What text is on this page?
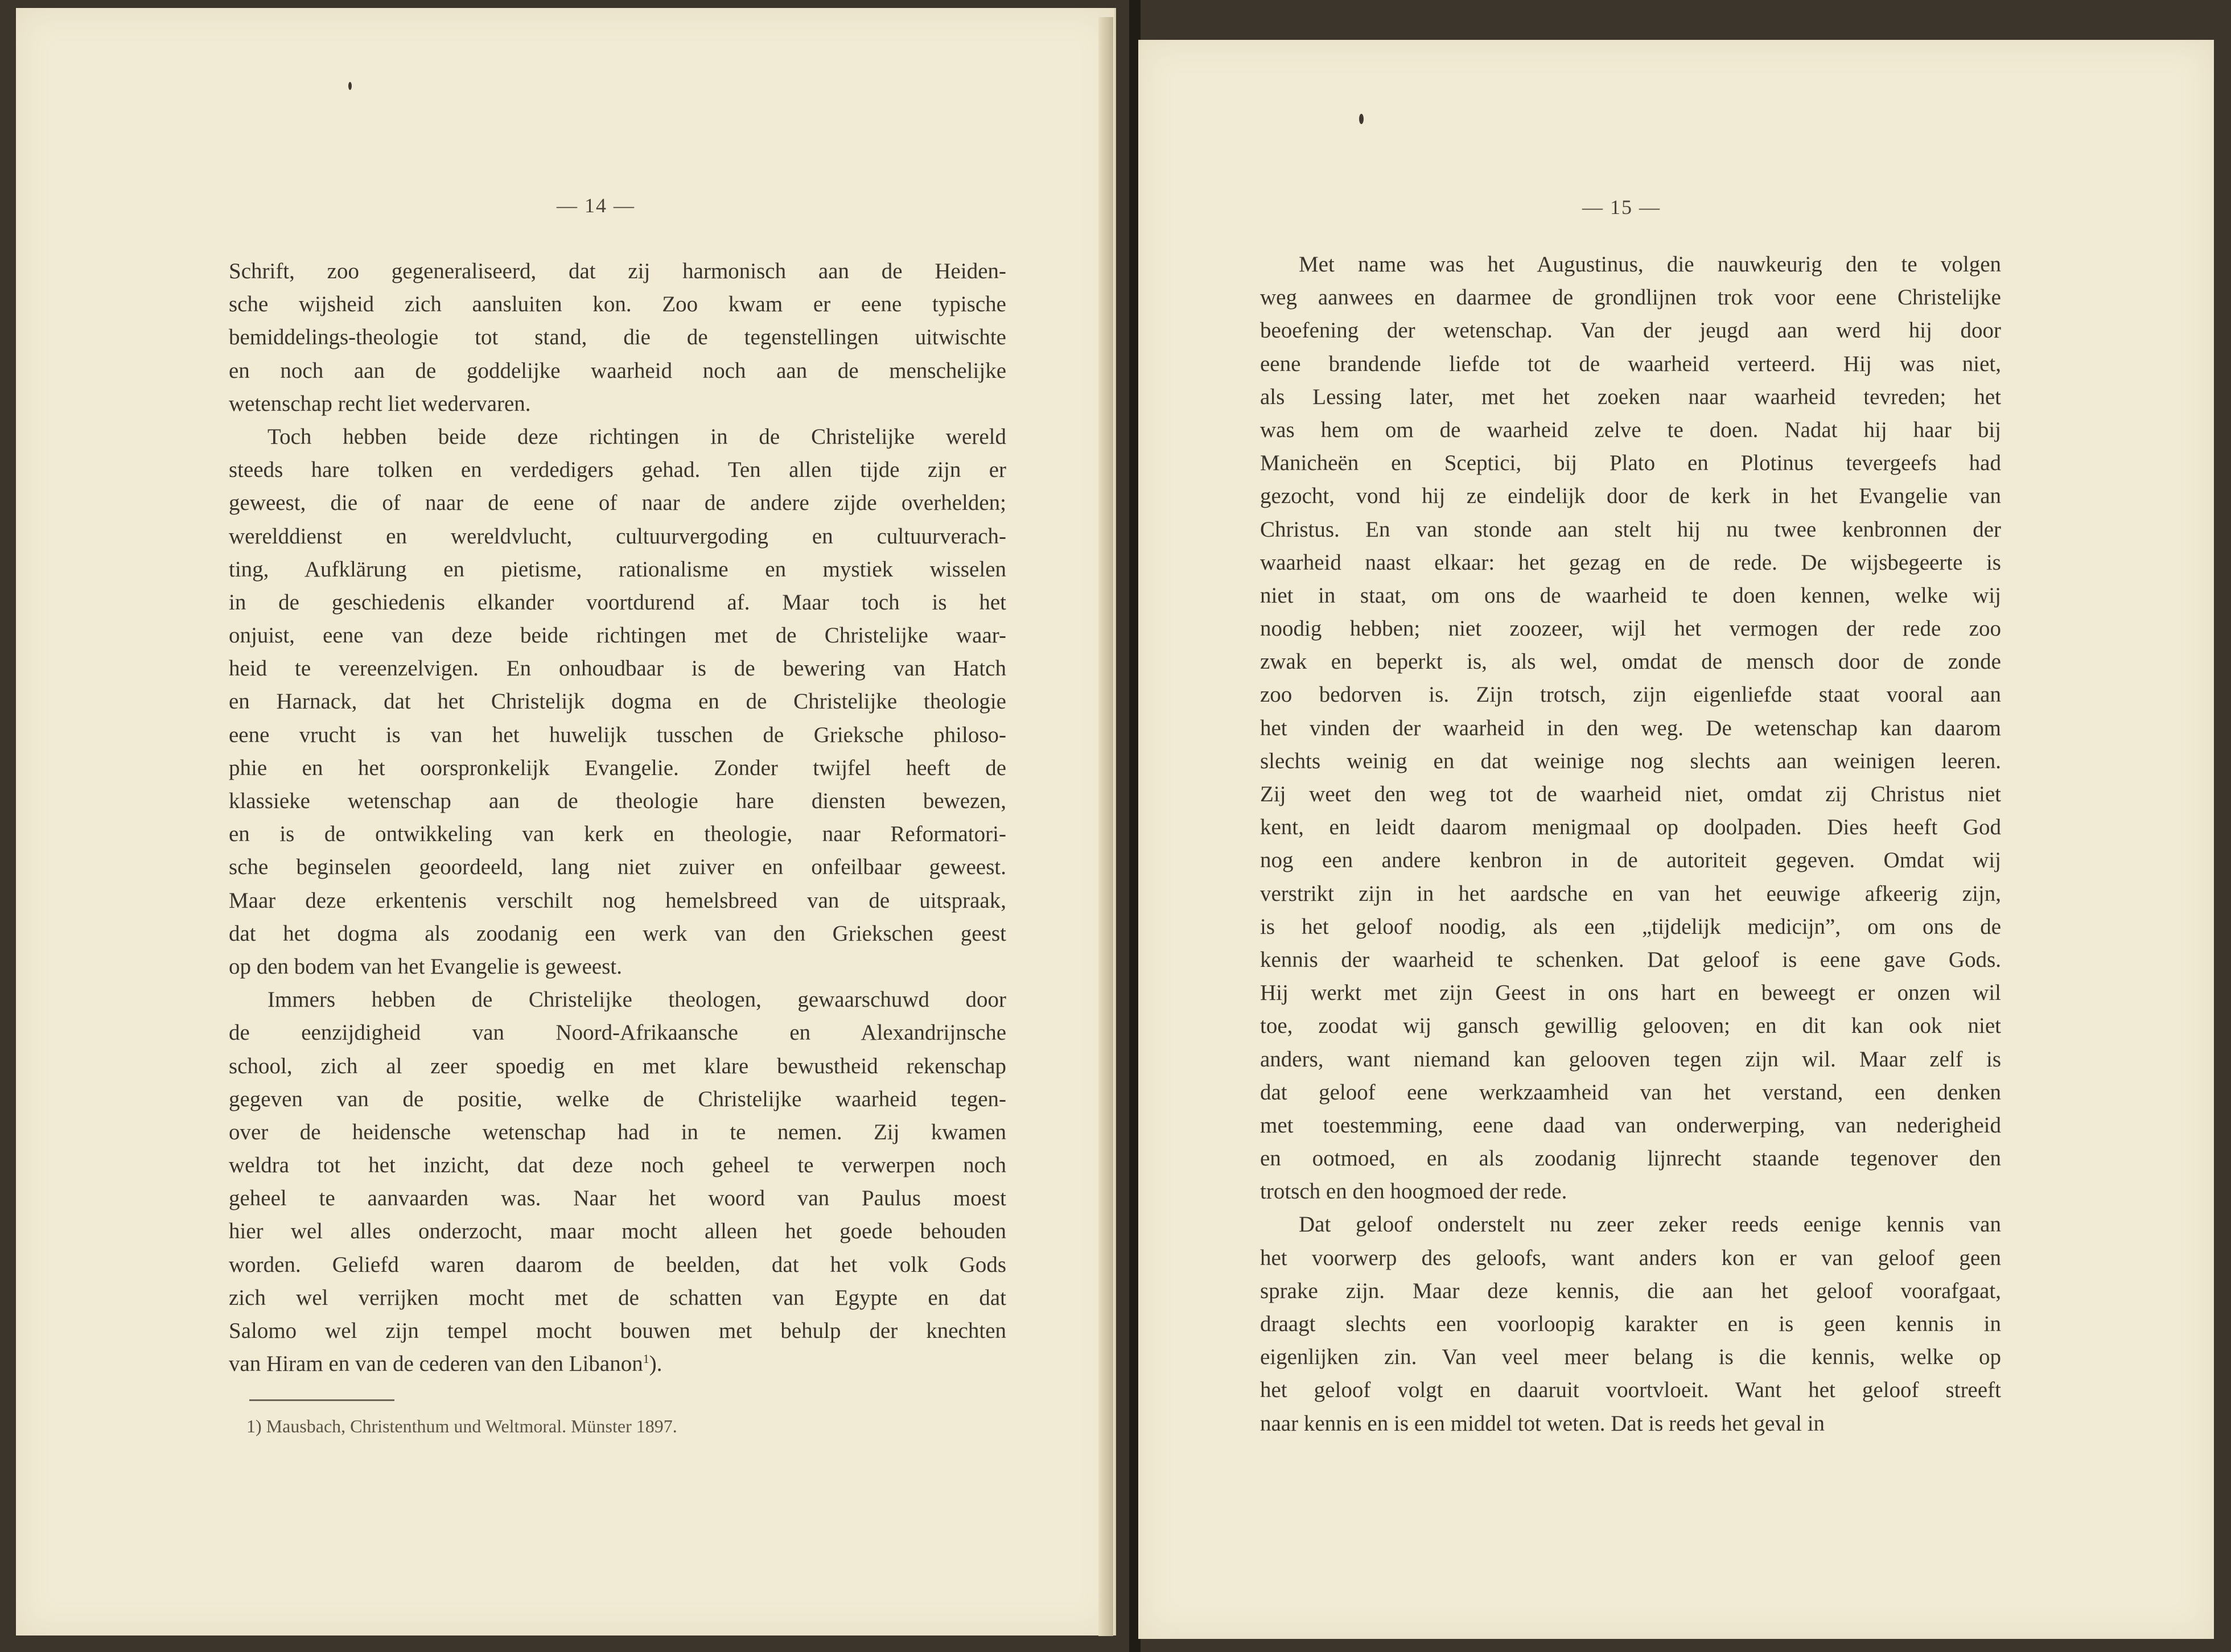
— 14 —
Schrift, zoo gegeneraliseerd, dat zij harmonisch aan de Heiden-
sche wijsheid zich aansluiten kon. Zoo kwam er eene typische
bemiddelings-theologie tot stand, die de tegenstellingen uitwischte
en noch aan de goddelijke waarheid noch aan de menschelijke
wetenschap recht liet wedervaren.
Toch hebben beide deze richtingen in de Christelijke wereld
steeds hare tolken en verdedigers gehad. Ten allen tijde zijn er
geweest, die of naar de eene of naar de andere zijde overhelden;
werelddienst en wereldvlucht, cultuurvergoding en cultuurverach-
ting, Aufklärung en pietisme, rationalisme en mystiek wisselen
in de geschiedenis elkander voortdurend af. Maar toch is het
onjuist, eene van deze beide richtingen met de Christelijke waar-
heid te vereenzelvigen. En onhoudbaar is de bewering van Hatch
en Harnack, dat het Christelijk dogma en de Christelijke theologie
eene vrucht is van het huwelijk tusschen de Grieksche philoso-
phie en het oorspronkelijk Evangelie. Zonder twijfel heeft de
klassieke wetenschap aan de theologie hare diensten bewezen,
en is de ontwikkeling van kerk en theologie, naar Reformatori-
sche beginselen geoordeeld, lang niet zuiver en onfeilbaar geweest.
Maar deze erkentenis verschilt nog hemelsbreed van de uitspraak,
dat het dogma als zoodanig een werk van den Griekschen geest
op den bodem van het Evangelie is geweest.
Immers hebben de Christelijke theologen, gewaarschuwd door
de eenzijdigheid van Noord-Afrikaansche en Alexandrijnsche
school, zich al zeer spoedig en met klare bewustheid rekenschap
gegeven van de positie, welke de Christelijke waarheid tegen-
over de heidensche wetenschap had in te nemen. Zij kwamen
weldra tot het inzicht, dat deze noch geheel te verwerpen noch
geheel te aanvaarden was. Naar het woord van Paulus moest
hier wel alles onderzocht, maar mocht alleen het goede behouden
worden. Geliefd waren daarom de beelden, dat het volk Gods
zich wel verrijken mocht met de schatten van Egypte en dat
Salomo wel zijn tempel mocht bouwen met behulp der knechten
van Hiram en van de cederen van den Libanon$^1$).
1) Mausbach, Christenthum und Weltmoral. Münster 1897.
— 15 —
Met name was het Augustinus, die nauwkeurig den te volgen
weg aanwees en daarmee de grondlijnen trok voor eene Christelijke
beoefening der wetenschap. Van der jeugd aan werd hij door
eene brandende liefde tot de waarheid verteerd. Hij was niet,
als Lessing later, met het zoeken naar waarheid tevreden; het
was hem om de waarheid zelve te doen. Nadat hij haar bij
Manicheën en Sceptici, bij Plato en Plotinus tevergeefs had
gezocht, vond hij ze eindelijk door de kerk in het Evangelie van
Christus. En van stonde aan stelt hij nu twee kenbronnen der
waarheid naast elkaar: het gezag en de rede. De wijsbegeerte is
niet in staat, om ons de waarheid te doen kennen, welke wij
noodig hebben; niet zoozeer, wijl het vermogen der rede zoo
zwak en beperkt is, als wel, omdat de mensch door de zonde
zoo bedorven is. Zijn trotsch, zijn eigenliefde staat vooral aan
het vinden der waarheid in den weg. De wetenschap kan daarom
slechts weinig en dat weinige nog slechts aan weinigen leeren.
Zij weet den weg tot de waarheid niet, omdat zij Christus niet
kent, en leidt daarom menigmaal op doolpaden. Dies heeft God
nog een andere kenbron in de autoriteit gegeven. Omdat wij
verstrikt zijn in het aardsche en van het eeuwige afkeerig zijn,
is het geloof noodig, als een „tijdelijk medicijn”, om ons de
kennis der waarheid te schenken. Dat geloof is eene gave Gods.
Hij werkt met zijn Geest in ons hart en beweegt er onzen wil
toe, zoodat wij gansch gewillig gelooven; en dit kan ook niet
anders, want niemand kan gelooven tegen zijn wil. Maar zelf is
dat geloof eene werkzaamheid van het verstand, een denken
met toestemming, eene daad van onderwerping, van nederigheid
en ootmoed, en als zoodanig lijnrecht staande tegenover den
trotsch en den hoogmoed der rede.
Dat geloof onderstelt nu zeer zeker reeds eenige kennis van
het voorwerp des geloofs, want anders kon er van geloof geen
sprake zijn. Maar deze kennis, die aan het geloof voorafgaat,
draagt slechts een voorloopig karakter en is geen kennis in
eigenlijken zin. Van veel meer belang is die kennis, welke op
het geloof volgt en daaruit voortvloeit. Want het geloof streeft
naar kennis en is een middel tot weten. Dat is reeds het geval in
